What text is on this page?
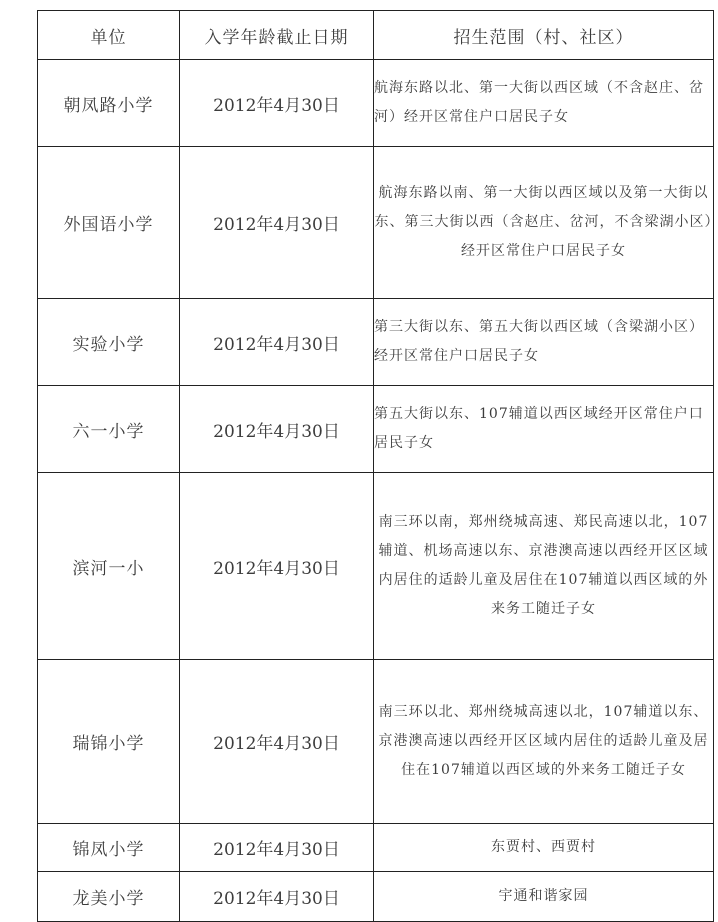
单位	入学年龄截止日期	招生范围（村、社区）
朝凤路小学	2012年4月30日	航海东路以北、第一大街以西区域（不含赵庄、岔河）经开区常住户口居民子女
外国语小学	2012年4月30日	航海东路以南、第一大街以西区域以及第一大街以东、第三大街以西（含赵庄、岔河，不含梁湖小区）经开区常住户口居民子女
实验小学	2012年4月30日	第三大街以东、第五大街以西区域（含梁湖小区）经开区常住户口居民子女
六一小学	2012年4月30日	第五大街以东、107辅道以西区域经开区常住户口居民子女
滨河一小	2012年4月30日	南三环以南，郑州绕城高速、郑民高速以北，107辅道、机场高速以东、京港澳高速以西经开区区域内居住的适龄儿童及居住在107辅道以西区域的外来务工随迁子女
瑞锦小学	2012年4月30日	南三环以北、郑州绕城高速以北，107辅道以东、京港澳高速以西经开区区域内居住的适龄儿童及居住在107辅道以西区域的外来务工随迁子女
锦凤小学	2012年4月30日	东贾村、西贾村
龙美小学	2012年4月30日	宇通和谐家园
